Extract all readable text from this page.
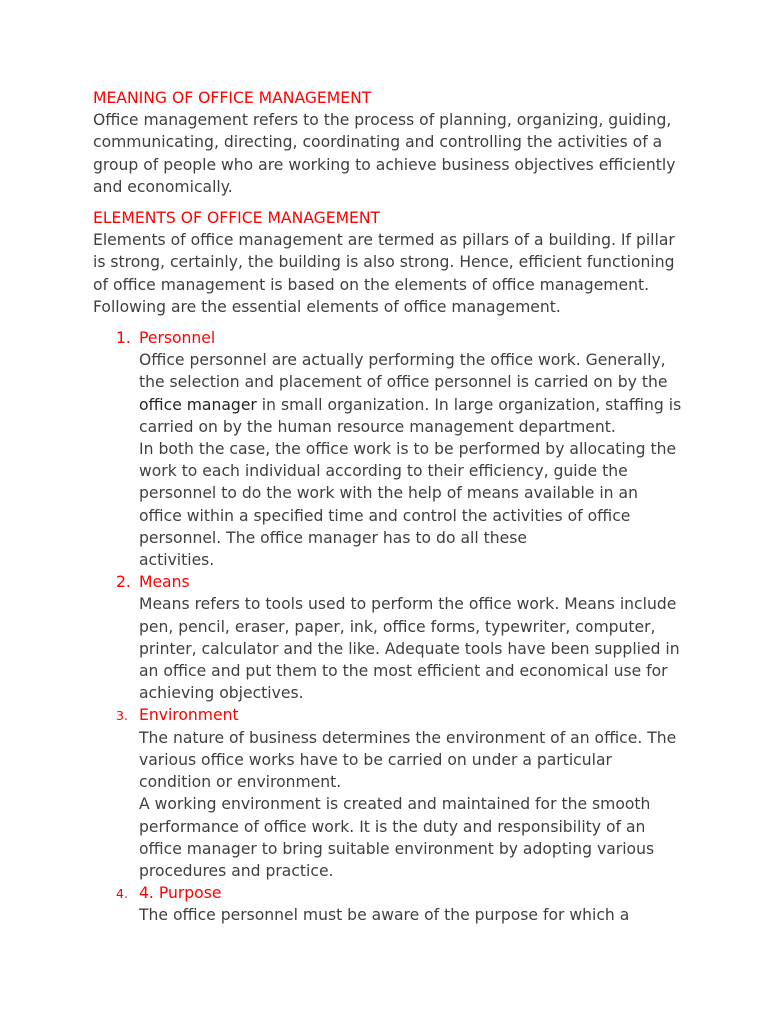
MEANING OF OFFICE MANAGEMENT

Office management refers to the process of planning, organizing, guiding, communicating, directing, coordinating and controlling the activities of a group of people who are working to achieve business objectives efficiently and economically.

ELEMENTS OF OFFICE MANAGEMENT

Elements of office management are termed as pillars of a building. If pillar is strong, certainly, the building is also strong. Hence, efficient functioning of office management is based on the elements of office management. Following are the essential elements of office management.

1. Personnel

Office personnel are actually performing the office work. Generally, the selection and placement of office personnel is carried on by the office manager in small organization. In large organization, staffing is carried on by the human resource management department.

In both the case, the office work is to be performed by allocating the work to each individual according to their efficiency, guide the personnel to do the work with the help of means available in an office within a specified time and control the activities of office personnel. The office manager has to do all these

activities.

2. Means

Means refers to tools used to perform the office work. Means include pen, pencil, eraser, paper, ink, office forms, typewriter, computer, printer, calculator and the like. Adequate tools have been supplied in an office and put them to the most efficient and economical use for achieving objectives.

3. Environment

The nature of business determines the environment of an office. The various office works have to be carried on under a particular condition or environment.

A working environment is created and maintained for the smooth performance of office work. It is the duty and responsibility of an office manager to bring suitable environment by adopting various procedures and practice.

4. 4. Purpose

The office personnel must be aware of the purpose for which a
